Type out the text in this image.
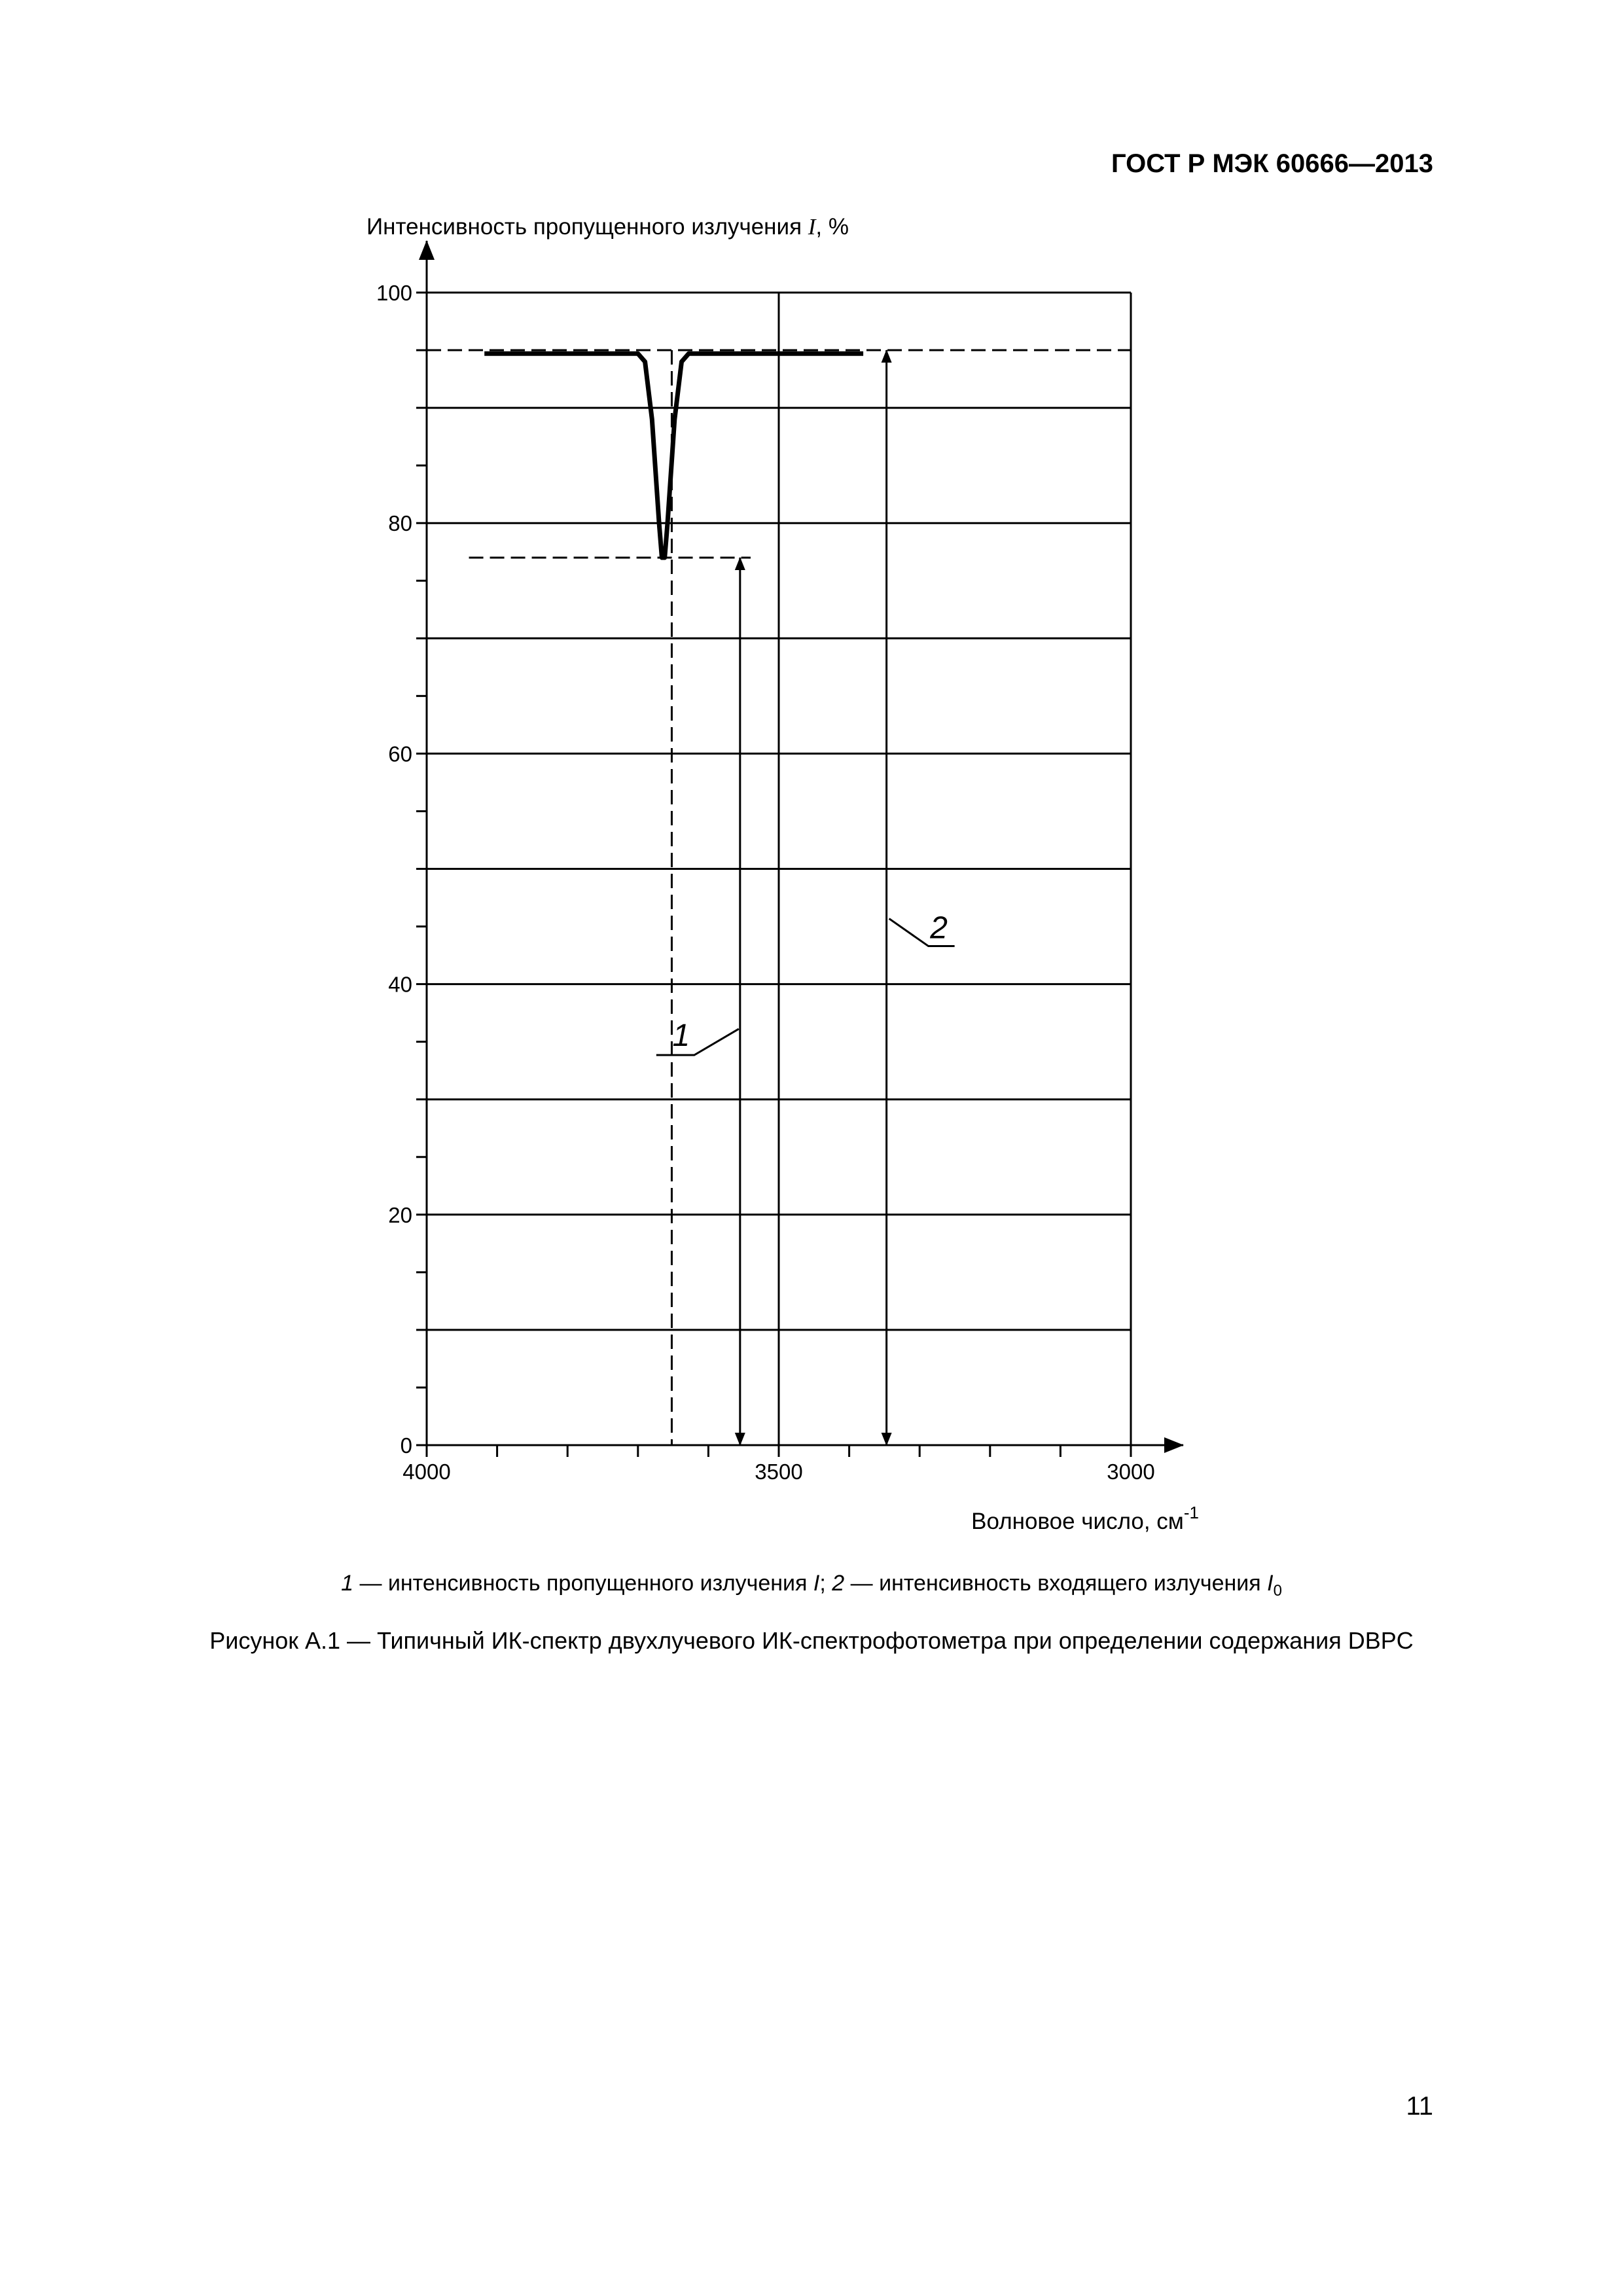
ГОСТ Р МЭК 60666—2013
0
20
40
60
80
100
4000	3500	3000
1
2
Интенсивность пропущенного излучения I, %
Волновое число, $см^{-1}$
1 — интенсивность пропущенного излучения I; 2 — интенсивность входящего излучения $I_0$

Рисунок А.1 — Типичный ИК-спектр двухлучевого ИК-спектрофотометра при определении содержания DBPC

11
